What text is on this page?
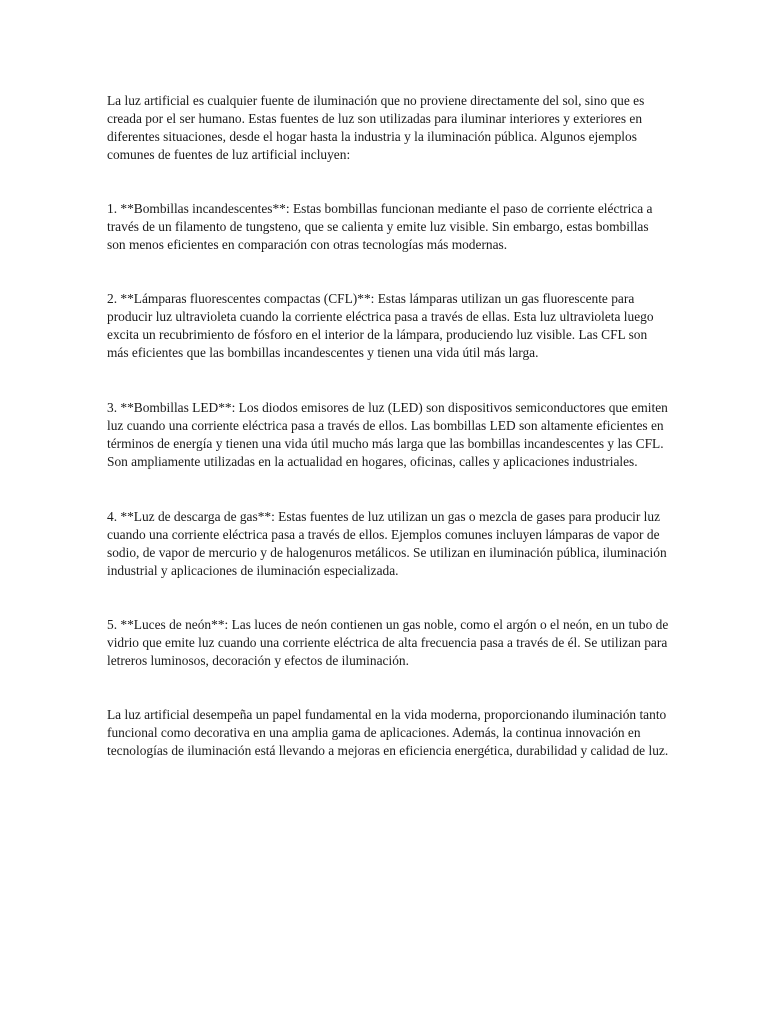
La luz artificial es cualquier fuente de iluminación que no proviene directamente del sol, sino que es creada por el ser humano. Estas fuentes de luz son utilizadas para iluminar interiores y exteriores en diferentes situaciones, desde el hogar hasta la industria y la iluminación pública. Algunos ejemplos comunes de fuentes de luz artificial incluyen:

1. **Bombillas incandescentes**: Estas bombillas funcionan mediante el paso de corriente eléctrica a través de un filamento de tungsteno, que se calienta y emite luz visible. Sin embargo, estas bombillas son menos eficientes en comparación con otras tecnologías más modernas.

2. **Lámparas fluorescentes compactas (CFL)**: Estas lámparas utilizan un gas fluorescente para producir luz ultravioleta cuando la corriente eléctrica pasa a través de ellas. Esta luz ultravioleta luego excita un recubrimiento de fósforo en el interior de la lámpara, produciendo luz visible. Las CFL son más eficientes que las bombillas incandescentes y tienen una vida útil más larga.

3. **Bombillas LED**: Los diodos emisores de luz (LED) son dispositivos semiconductores que emiten luz cuando una corriente eléctrica pasa a través de ellos. Las bombillas LED son altamente eficientes en términos de energía y tienen una vida útil mucho más larga que las bombillas incandescentes y las CFL. Son ampliamente utilizadas en la actualidad en hogares, oficinas, calles y aplicaciones industriales.

4. **Luz de descarga de gas**: Estas fuentes de luz utilizan un gas o mezcla de gases para producir luz cuando una corriente eléctrica pasa a través de ellos. Ejemplos comunes incluyen lámparas de vapor de sodio, de vapor de mercurio y de halogenuros metálicos. Se utilizan en iluminación pública, iluminación industrial y aplicaciones de iluminación especializada.

5. **Luces de neón**: Las luces de neón contienen un gas noble, como el argón o el neón, en un tubo de vidrio que emite luz cuando una corriente eléctrica de alta frecuencia pasa a través de él. Se utilizan para letreros luminosos, decoración y efectos de iluminación.

La luz artificial desempeña un papel fundamental en la vida moderna, proporcionando iluminación tanto funcional como decorativa en una amplia gama de aplicaciones. Además, la continua innovación en tecnologías de iluminación está llevando a mejoras en eficiencia energética, durabilidad y calidad de luz.
